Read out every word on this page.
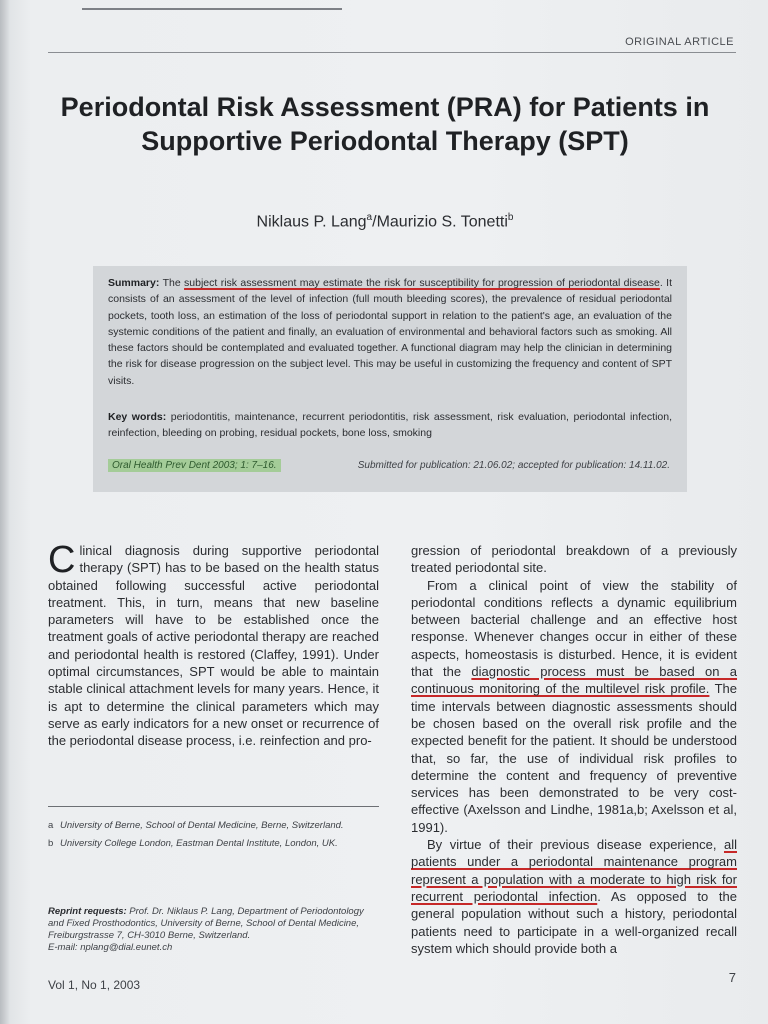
ORIGINAL ARTICLE
Periodontal Risk Assessment (PRA) for Patients in Supportive Periodontal Therapy (SPT)
Niklaus P. Lang$^a$/Maurizio S. Tonetti$^b$

Summary: The subject risk assessment may estimate the risk for susceptibility for progression of periodontal disease. It consists of an assessment of the level of infection (full mouth bleeding scores), the prevalence of residual periodontal pockets, tooth loss, an estimation of the loss of periodontal support in relation to the patient's age, an evaluation of the systemic conditions of the patient and finally, an evaluation of environmental and behavioral factors such as smoking. All these factors should be contemplated and evaluated together. A functional diagram may help the clinician in determining the risk for disease progression on the subject level. This may be useful in customizing the frequency and content of SPT visits.

Key words: periodontitis, maintenance, recurrent periodontitis, risk assessment, risk evaluation, periodontal infection, reinfection, bleeding on probing, residual pockets, bone loss, smoking

Oral Health Prev Dent 2003; 1: 7–16.	Submitted for publication: 21.06.02; accepted for publication: 14.11.02.

Clinical diagnosis during supportive periodontal therapy (SPT) has to be based on the health status obtained following successful active periodontal treatment. This, in turn, means that new baseline parameters will have to be established once the treatment goals of active periodontal therapy are reached and periodontal health is restored (Claffey, 1991). Under optimal circumstances, SPT would be able to maintain stable clinical attachment levels for many years. Hence, it is apt to determine the clinical parameters which may serve as early indicators for a new onset or recurrence of the periodontal disease process, i.e. reinfection and pro-

gression of periodontal breakdown of a previously treated periodontal site.

From a clinical point of view the stability of periodontal conditions reflects a dynamic equilibrium between bacterial challenge and an effective host response. Whenever changes occur in either of these aspects, homeostasis is disturbed. Hence, it is evident that the diagnostic process must be based on a continuous monitoring of the multilevel risk profile. The time intervals between diagnostic assessments should be chosen based on the overall risk profile and the expected benefit for the patient. It should be understood that, so far, the use of individual risk profiles to determine the content and frequency of preventive services has been demonstrated to be very cost-effective (Axelsson and Lindhe, 1981a,b; Axelsson et al, 1991).

By virtue of their previous disease experience, all patients under a periodontal maintenance program represent a population with a moderate to high risk for recurrent periodontal infection. As opposed to the general population without such a history, periodontal patients need to participate in a well-organized recall system which should provide both a

a University of Berne, School of Dental Medicine, Berne, Switzerland.
b University College London, Eastman Dental Institute, London, UK.

Reprint requests: Prof. Dr. Niklaus P. Lang, Department of Periodontology and Fixed Prosthodontics, University of Berne, School of Dental Medicine, Freiburgstrasse 7, CH-3010 Berne, Switzerland.
E-mail: nplang@dial.eunet.ch

Vol 1, No 1, 2003	7
